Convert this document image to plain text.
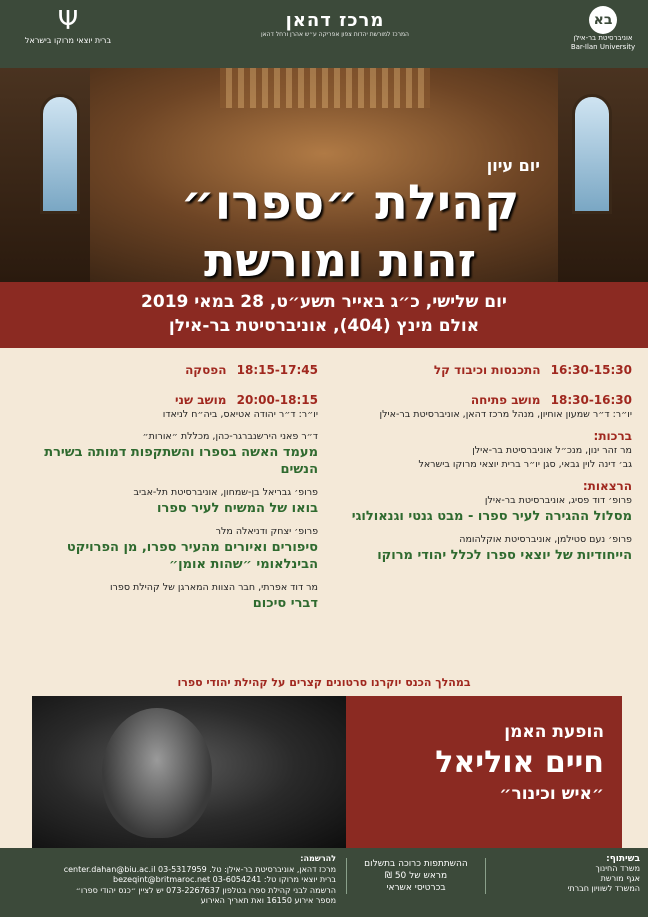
Ψ
ברית יוצאי מרוקו בישראל
מרכז דהאן
המרכז למורשת יהדות צפון אפריקה ע״ש אהרן ורחל דהאן
בא
אוניברסיטת בר-אילן
Bar-Ilan University
יום עיון
קהילת ״ספרו״
זהות ומורשת
יום שלישי, כ״ג באייר תשע״ט, 28 במאי 2019
אולם מינץ (404), אוניברסיטת בר-אילן
16:30-15:30 התכנסות וכיבוד קל
18:30-16:30 מושב פתיחה
יו״ר: ד״ר שמעון אוחיון, מנהל מרכז דהאן, אוניברסיטת בר-אילן
ברכות:
מר זהר ינון, מנכ״ל אוניברסיטת בר-אילן
גב׳ דינה לוין גבאי, סגן יו״ר ברית יוצאי מרוקו בישראל
הרצאות:
פרופ׳ דוד פסיג, אוניברסיטת בר-אילן
מסלול ההגירה לעיר ספרו - מבט גנטי וגנאולוגי
פרופ׳ נעם סטילמן, אוניברסיטת אוקלהומה
הייחודיות של יוצאי ספרו לכלל יהודי מרוקו
18:15-17:45 הפסקה
20:00-18:15 מושב שני
יו״ר: ד״ר יהודה אטיאס, ביה״ח לניאדו
ד״ר פאני הירשנברגר-כהן, מכללת ״אורות״
מעמד האשה בספרו והשתקפות דמותה בשירת הנשים
פרופ׳ גבריאל בן-שמחון, אוניברסיטת תל-אביב
בואו של המשיח לעיר ספרו
פרופ׳ יצחק ודניאלה מלר
סיפורים ואיורים מהעיר ספרו, מן הפרויקט הבינלאומי ״שהות אומן״
מר דוד אפרתי, חבר הצוות המארגן של קהילת ספרו
דברי סיכום
במהלך הכנס יוקרנו סרטונים קצרים על קהילת יהודי ספרו
הופעת האמן
חיים אוליאל
״איש וכינור״
בשיתוף:
משרד החינוך
אגף מורשת
המשרד לשוויון חברתי
ההשתתפות כרוכה בתשלום
מראש של 50 ₪
בכרטיסי אשראי
להרשמה:
מרכז דהאן, אוניברסיטת בר-אילן: טל. 03-5317959 center.dahan@biu.ac.il
ברית יוצאי מרוקו טל: 03-6054241 bezeqint@britmaroc.net
הרשמה לבני קהילת ספרו בטלפון 073-2267637 יש לציין ״כנס יהודי ספרו״
מספר אירוע 16150 ואת תאריך האירוע
